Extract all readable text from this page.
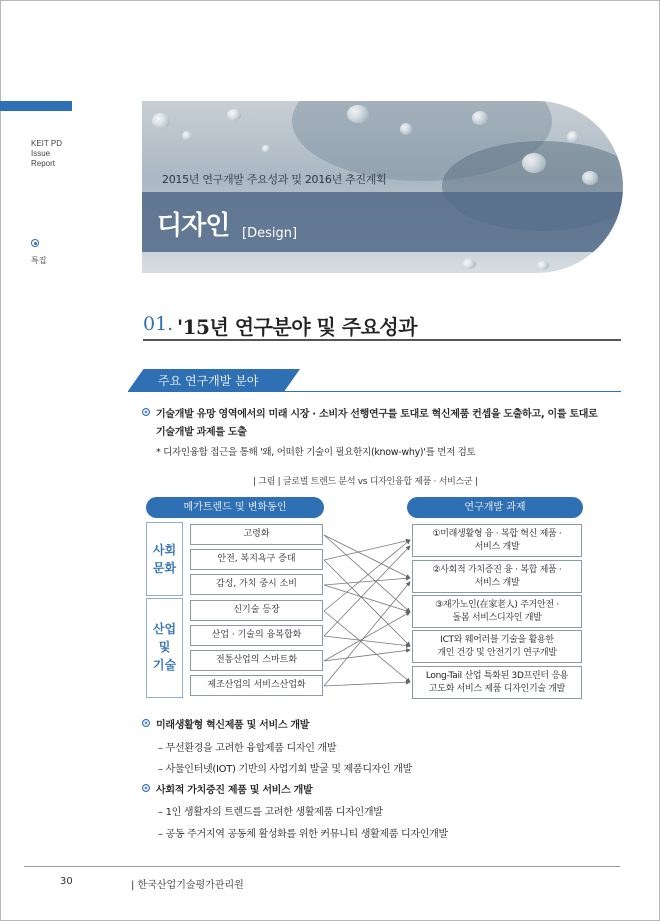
KEIT PD
Issue
Report
특집
2015년 연구개발 주요성과 및 2016년 추진계획
디자인 [Design]
01. '15년 연구분야 및 주요성과
주요 연구개발 분야
기술개발 유망 영역에서의 미래 시장 · 소비자 선행연구를 토대로 혁신제품 컨셉을 도출하고, 이를 토대로
기술개발 과제를 도출
* 디자인융합 접근을 통해 '왜, 어떠한 기술이 필요한지(know-why)'를 먼저 검토
| 그림 | 글로벌 트렌드 분석 vs 디자인융합 제품 · 서비스군 |
메가트렌드 및 변화동인	연구개발 과제
사회
문화
산업
및
기술
고령화
안전, 복지욕구 증대
감성, 가치 중시 소비
신기술 등장
산업 · 기술의 융복합화
전통산업의 스마트화
제조산업의 서비스산업화
①미래생활형 융 · 복합 혁신 제품 ·
서비스 개발
②사회적 가치증진 융 · 복합 제품 ·
서비스 개발
③재가노인(在家老人) 주거안전 ·
돌봄 서비스디자인 개발
ICT와 웨어러블 기술을 활용한
개인 건강 및 안전기기 연구개발
Long-Tail 산업 특화된 3D프린터 응용
고도화 서비스 제품 디자인기술 개발
미래생활형 혁신제품 및 서비스 개발
– 무선환경을 고려한 융합제품 디자인 개발
– 사물인터넷(IOT) 기반의 사업기회 발굴 및 제품디자인 개발
사회적 가치증진 제품 및 서비스 개발
– 1인 생활자의 트렌드를 고려한 생활제품 디자인개발
– 공동 주거지역 공동체 활성화를 위한 커뮤니티 생활제품 디자인개발
30	| 한국산업기술평가관리원
